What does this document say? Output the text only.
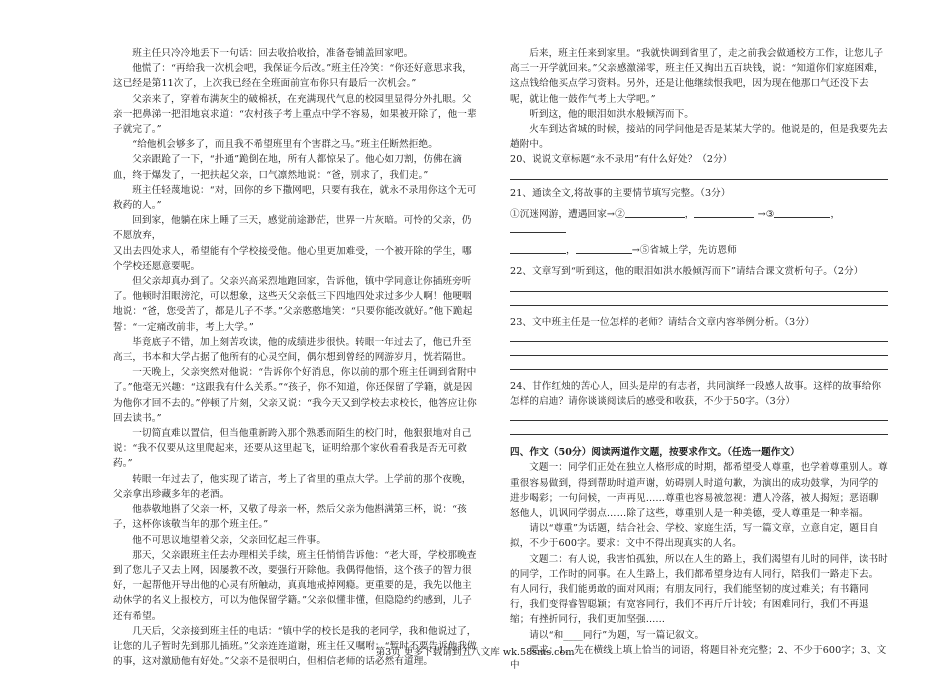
班主任只冷冷地丢下一句话：回去收拾收拾，准备卷铺盖回家吧。

他慌了：“再给我一次机会吧，我保证今后改。”班主任冷笑：“你还好意思求我，这已经是第11次了，上次我已经在全班面前宣布你只有最后一次机会。”

父亲来了，穿着布满灰尘的破棉袄，在充满现代气息的校园里显得分外扎眼。父亲一把鼻涕一把泪地哀求道：“农村孩子考上重点中学不容易，如果被开除了，他一辈子就完了。”

“给他机会够多了，而且我不希望班里有个害群之马。”班主任断然拒绝。

父亲跟跄了一下，“扑通”跪倒在地，所有人都惊呆了。他心如刀割，仿佛在滴血，终于爆发了，一把扶起父亲，口气凛然地说：“爸，别求了，我们走。”

班主任轻蔑地说：“对，回你的乡下撒网吧，只要有我在，就永不录用你这个无可救药的人。”

回到家，他躺在床上睡了三天，感觉前途渺茫，世界一片灰暗。可怜的父亲，仍不愿放弃，

又出去四处求人，希望能有个学校接受他。他心里更加难受，一个被开除的学生，哪个学校还愿意要呢。

但父亲却真办到了。父亲兴高采烈地跑回家，告诉他，镇中学同意让你插班旁听了。他顿时泪眼滂沱，可以想象，这些天父亲低三下四地四处求过多少人啊！他哽咽地说：“爸，您受苦了，都是儿子不孝。”父亲憨憨地笑：“只要你能改就好。”他下跪起誓：“一定痛改前非，考上大学。”

毕竟底子不错，加上刻苦攻读，他的成绩进步很快。转眼一年过去了，他已升至高三，书本和大学占据了他所有的心灵空间，偶尔想到曾经的网游岁月，恍若隔世。

一天晚上，父亲突然对他说：“告诉你个好消息，你以前的那个班主任调到省附中了。”他毫无兴趣：“这跟我有什么关系。”“孩子，你不知道，你还保留了学籍，就是因为他你才回不去的。”停顿了片刻，父亲又说：“我今天又到学校去求校长，他答应让你回去读书。”

一切简直难以置信，但当他重新跨入那个熟悉而陌生的校门时，他狠狠地对自己说：“我不仅要从这里爬起来，还要从这里起飞，证明给那个家伙看看我是否无可救药。”

转眼一年过去了，他实现了诺言，考上了省里的重点大学。上学前的那个夜晚，父亲拿出珍藏多年的老酒。

他恭敬地斟了父亲一杯，又敬了母亲一杯，然后父亲为他斟满第三杯，说：“孩子，这杯你该敬当年的那个班主任。”

他不可思议地望着父亲，父亲回忆起三件事。

那天，父亲跟班主任去办理相关手续，班主任悄悄告诉他：“老大哥，学校那晚查到了您儿子又去上网，因屡教不改，要强行开除他。我偶得他悟，这个孩子的智力很好，一起帮他开导出他的心灵有所触动，真真地戒掉网瘾。更重要的是，我先以他主动休学的名义上报校方，可以为他保留学籍。”父亲似懂非懂，但隐隐约约感到，儿子还有希望。

几天后，父亲接到班主任的电话：“镇中学的校长是我的老同学，我和他说过了，让您的儿子暂时先到那儿插班。”父亲连连道谢，班主任又嘱咐：“暂时不要告诉他我做的事，这对激励他有好处。”父亲不是很明白，但相信老师的话必然有道理。

后来，班主任来到家里。“我就快调到省里了，走之前我会做通校方工作，让您儿子高三一开学就回来。”父亲感激涕零，班主任又掏出五百块钱，说：“知道你们家庭困难，这点钱给他买点学习资料。另外，还是让他继续恨我吧，因为现在他那口气还没下去呢，就让他一鼓作气考上大学吧。”

听到这，他的眼泪如洪水般倾泻而下。

火车到达省城的时候，接站的同学问他是否是某某大学的。他说是的，但是我要先去趟附中。

20、说说文章标题“永不录用”有什么好处？（2分）
21、通读全文,将故事的主要情节填写完整。（3分）
①沉迷网游，遭遇回家→②	，	→③	，
，	→⑤省城上学，先访恩师
22、文章写到“听到这，他的眼泪如洪水般倾泻而下”请结合课文赏析句子。（2分）
23、文中班主任是一位怎样的老师？请结合文章内容举例分析。（3分）
24、甘作红烛的苦心人，回头是岸的有志者，共同演绎一段感人故事。这样的故事给你怎样的启迪？请你谈谈阅读后的感受和收获，不少于50字。（3分）
四、作文（50分）阅读两道作文题，按要求作文。（任选一题作文）

文题一：同学们正处在独立人格形成的时期，都希望受人尊重，也学着尊重别人。尊重很容易做到，得到帮助时道声谢，妨碍别人时道句歉，为演出的成功鼓掌，为同学的进步喝彩；一句问候，一声再见……尊重也容易被忽视：遭人冷落，被人揭短；恶语聊怒他人，讥讽同学弱点……除了这些，尊重别人是一种美德，受人尊重是一种幸福。

请以“尊重”为话题，结合社会、学校、家庭生活，写一篇文章，立意自定，题目自拟，不少于600字。要求：文中不得出现真实的人名。

文题二：有人说，我害怕孤独，所以在人生的路上，我们渴望有儿时的同伴，读书时的同学，工作时的同事。在人生路上，我们都希望身边有人同行，陪我们一路走下去。有人同行，我们能勇敢的面对风雨；有朋友同行，我们能坚韧的度过难关；有书籍同行，我们变得睿智聪颖；有宽容同行，我们不再斤斤计较；有困难同行，我们不再退缩；有挫折同行，我们更加坚强……

请以“和____同行”为题，写一篇记叙文。

要求：1、先在横线上填上恰当的词语，将题目补充完整；2、不少于600字；3、文中

第3页 更多下载请到五八文库 wk.58sms.com
